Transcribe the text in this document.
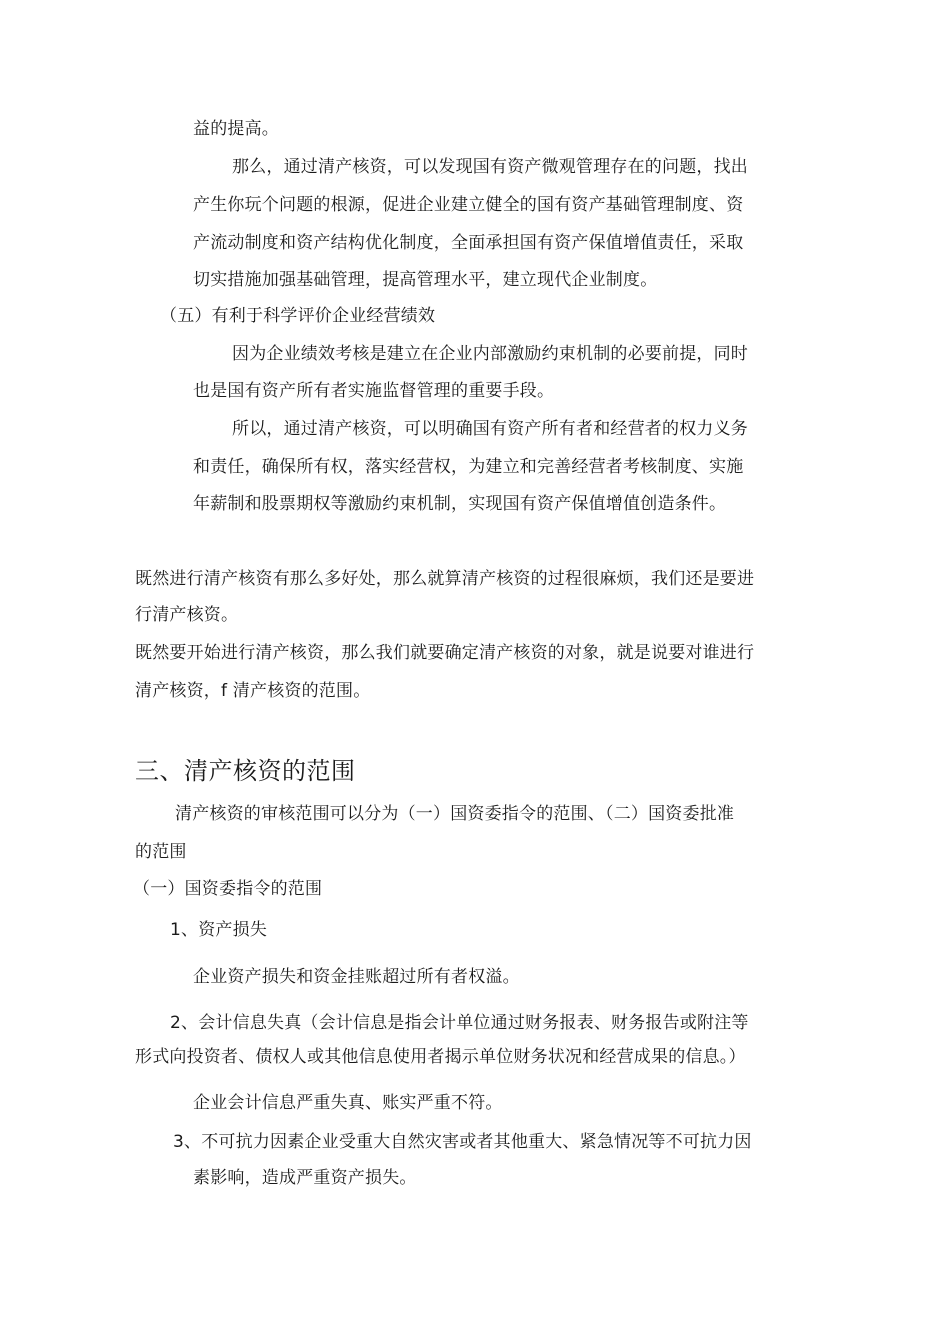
益的提高。

那么，通过清产核资，可以发现国有资产微观管理存在的问题，找出

产生你玩个问题的根源，促进企业建立健全的国有资产基础管理制度、资

产流动制度和资产结构优化制度，全面承担国有资产保值增值责任，采取

切实措施加强基础管理，提高管理水平，建立现代企业制度。

（五）有利于科学评价企业经营绩效

因为企业绩效考核是建立在企业内部激励约束机制的必要前提，同时

也是国有资产所有者实施监督管理的重要手段。

所以，通过清产核资，可以明确国有资产所有者和经营者的权力义务

和责任，确保所有权，落实经营权，为建立和完善经营者考核制度、实施

年薪制和股票期权等激励约束机制，实现国有资产保值增值创造条件。

既然进行清产核资有那么多好处，那么就算清产核资的过程很麻烦，我们还是要进

行清产核资。

既然要开始进行清产核资，那么我们就要确定清产核资的对象，就是说要对谁进行

清产核资，f 清产核资的范围。

三、清产核资的范围

清产核资的审核范围可以分为（一）国资委指令的范围、（二）国资委批准

的范围

（一）国资委指令的范围

1、资产损失

企业资产损失和资金挂账超过所有者权溢。

2、会计信息失真（会计信息是指会计单位通过财务报表、财务报告或附注等

形式向投资者、债权人或其他信息使用者揭示单位财务状况和经营成果的信息。）

企业会计信息严重失真、账实严重不符。

3、不可抗力因素企业受重大自然灾害或者其他重大、紧急情况等不可抗力因

素影响，造成严重资产损失。
